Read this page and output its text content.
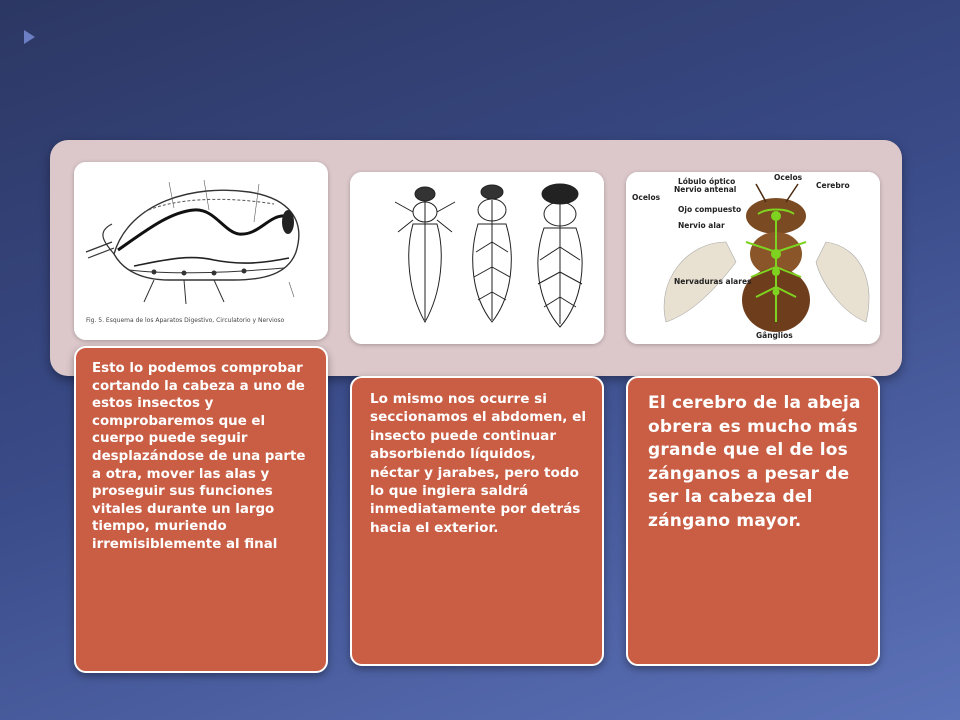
Fig. 5. Esquema de los Aparatos Digestivo, Circulatorio y Nervioso
Lóbulo óptico	Ocelos
Cerebro
Ocelos
Nervio antenal
Ojo compuesto
Nervio alar
Nervaduras alares
Gânglios
Esto lo podemos comprobar cortando la cabeza a uno de estos insectos y comprobaremos que el cuerpo puede seguir desplazándose de una parte a otra, mover las alas y proseguir sus funciones vitales durante un largo tiempo, muriendo irremisiblemente al final
Lo mismo nos ocurre si seccionamos el abdomen, el insecto puede continuar absorbiendo líquidos, néctar y jarabes, pero todo lo que ingiera saldrá inmediatamente por detrás hacia el exterior.
El cerebro de la abeja obrera es mucho más grande que el de los zánganos a pesar de ser la cabeza del zángano mayor.
